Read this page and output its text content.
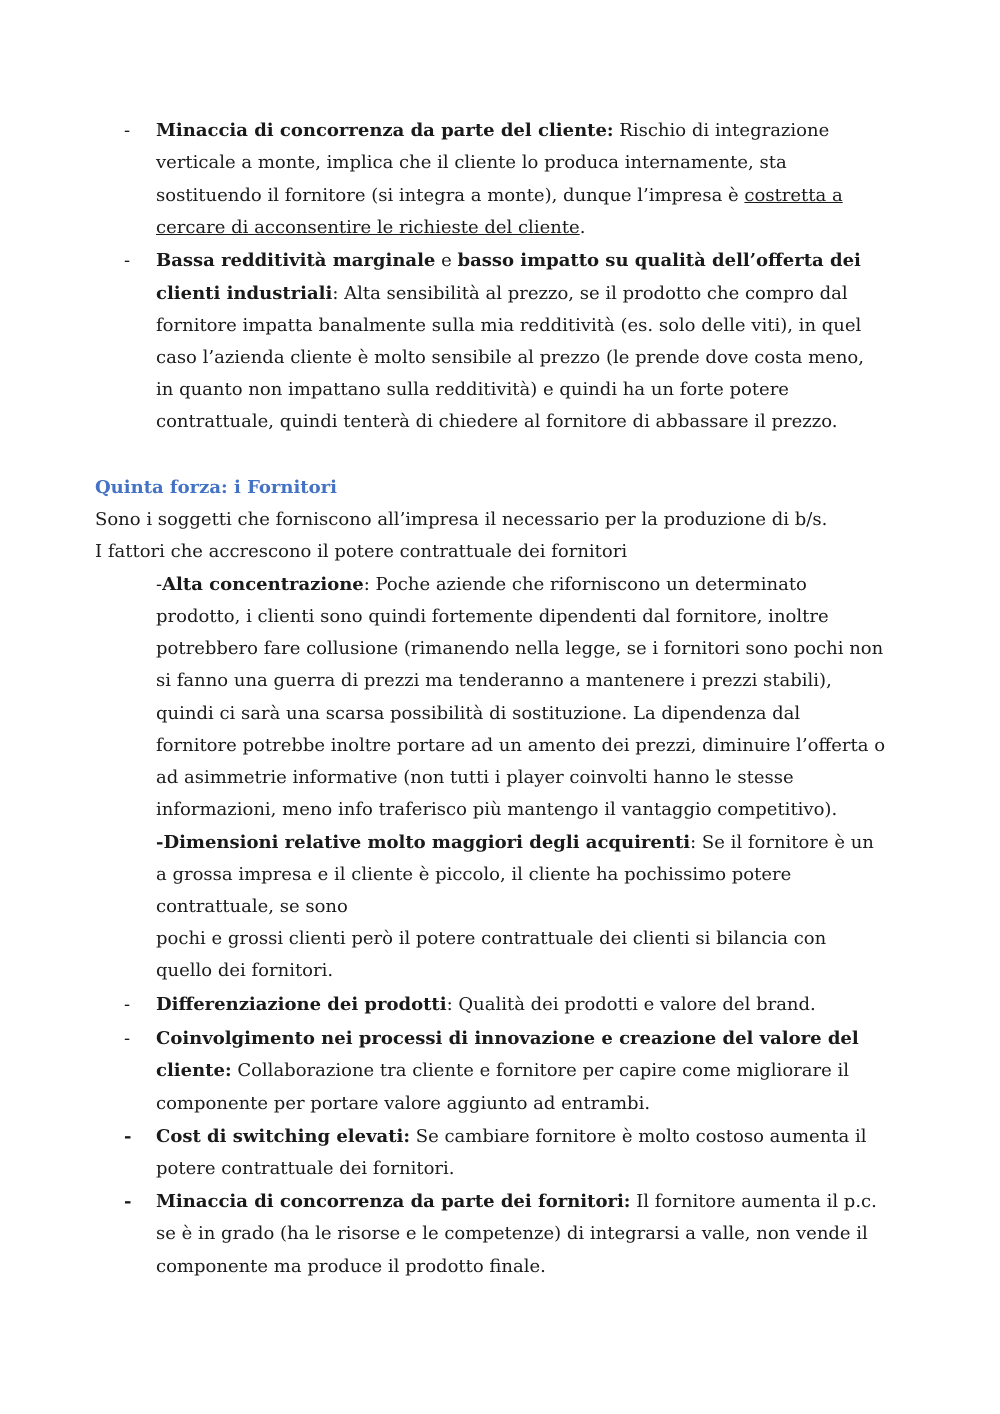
- Minaccia di concorrenza da parte del cliente: Rischio di integrazione
verticale a monte, implica che il cliente lo produca internamente, sta
sostituendo il fornitore (si integra a monte), dunque l’impresa è costretta a
cercare di acconsentire le richieste del cliente.
- Bassa redditività marginale e basso impatto su qualità dell’offerta dei
clienti industriali: Alta sensibilità al prezzo, se il prodotto che compro dal
fornitore impatta banalmente sulla mia redditività (es. solo delle viti), in quel
caso l’azienda cliente è molto sensibile al prezzo (le prende dove costa meno,
in quanto non impattano sulla redditività) e quindi ha un forte potere
contrattuale, quindi tenterà di chiedere al fornitore di abbassare il prezzo.
Quinta forza: i Fornitori
Sono i soggetti che forniscono all’impresa il necessario per la produzione di b/s.
I fattori che accrescono il potere contrattuale dei fornitori
-Alta concentrazione: Poche aziende che riforniscono un determinato
prodotto, i clienti sono quindi fortemente dipendenti dal fornitore, inoltre
potrebbero fare collusione (rimanendo nella legge, se i fornitori sono pochi non
si fanno una guerra di prezzi ma tenderanno a mantenere i prezzi stabili),
quindi ci sarà una scarsa possibilità di sostituzione. La dipendenza dal
fornitore potrebbe inoltre portare ad un amento dei prezzi, diminuire l’offerta o
ad asimmetrie informative (non tutti i player coinvolti hanno le stesse
informazioni, meno info traferisco più mantengo il vantaggio competitivo).
-Dimensioni relative molto maggiori degli acquirenti: Se il fornitore è un
a grossa impresa e il cliente è piccolo, il cliente ha pochissimo potere
contrattuale, se sono
pochi e grossi clienti però il potere contrattuale dei clienti si bilancia con
quello dei fornitori.
- Differenziazione dei prodotti: Qualità dei prodotti e valore del brand.
- Coinvolgimento nei processi di innovazione e creazione del valore del
cliente: Collaborazione tra cliente e fornitore per capire come migliorare il
componente per portare valore aggiunto ad entrambi.
- Cost di switching elevati: Se cambiare fornitore è molto costoso aumenta il
potere contrattuale dei fornitori.
- Minaccia di concorrenza da parte dei fornitori: Il fornitore aumenta il p.c.
se è in grado (ha le risorse e le competenze) di integrarsi a valle, non vende il
componente ma produce il prodotto finale.
